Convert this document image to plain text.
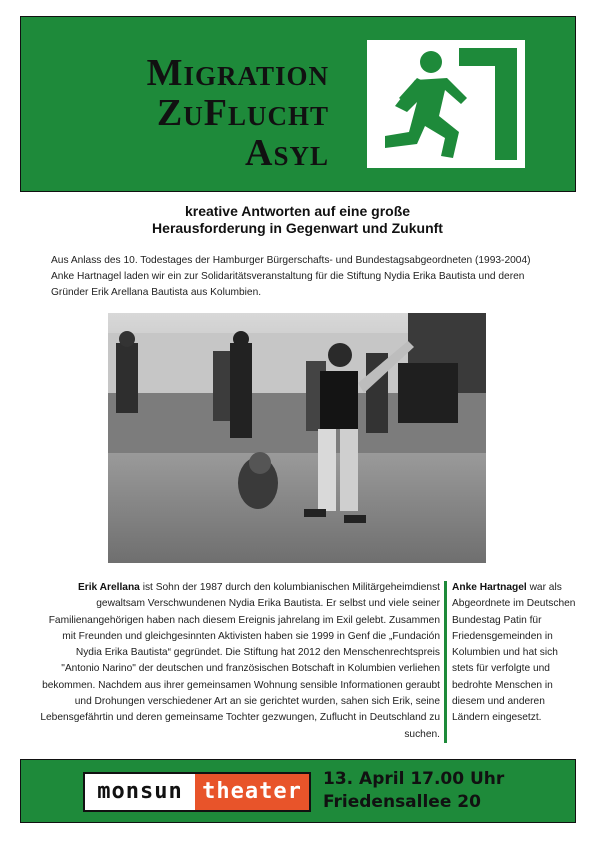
Migration
ZuFlucht
Asyl
kreative Antworten auf eine große
Herausforderung in Gegenwart und Zukunft
Aus Anlass des 10. Todestages der Hamburger Bürgerschafts- und Bundestagsabgeordneten (1993-2004) Anke Hartnagel laden wir ein zur Solidaritätsveranstaltung für die Stiftung Nydia Erika Bautista und deren Gründer Erik Arellana Bautista aus Kolumbien.
Erik Arellana ist Sohn der 1987 durch den kolumbianischen Militärgeheimdienst gewaltsam Verschwundenen Nydia Erika Bautista. Er selbst und viele seiner Familienangehörigen haben nach diesem Ereignis jahrelang im Exil gelebt. Zusammen mit Freunden und gleichgesinnten Aktivisten haben sie 1999 in Genf die „Fundación Nydia Erika Bautista“ gegründet. Die Stiftung hat 2012 den Menschenrechtspreis "Antonio Narino" der deutschen und französischen Botschaft in Kolumbien verliehen bekommen. Nachdem aus ihrer gemeinsamen Wohnung sensible Informationen geraubt und Drohungen verschiedener Art an sie gerichtet wurden, sahen sich Erik, seine Lebensgefährtin und deren gemeinsame Tochter gezwungen, Zuflucht in Deutschland zu suchen.
Anke Hartnagel war als Abgeordnete im Deutschen Bundestag Patin für Friedensgemeinden in Kolumbien und hat sich stets für verfolgte und bedrohte Menschen in diesem und anderen Ländern eingesetzt.
monsun theater	13. April 17.00 Uhr
Friedensallee 20
